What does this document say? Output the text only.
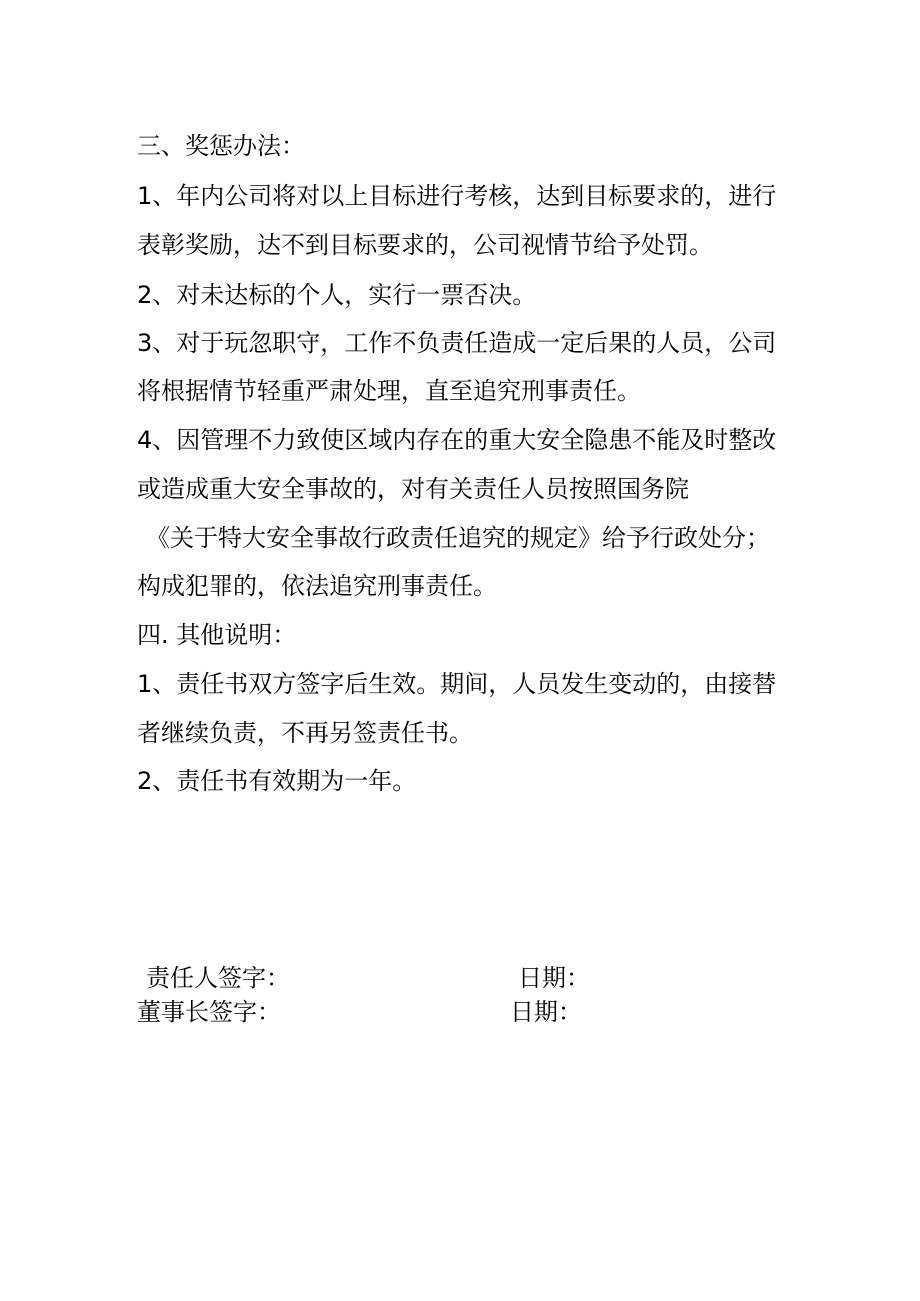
三、奖惩办法：
1、年内公司将对以上目标进行考核，达到目标要求的，进行
表彰奖励，达不到目标要求的，公司视情节给予处罚。
2、对未达标的个人，实行一票否决。
3、对于玩忽职守，工作不负责任造成一定后果的人员，公司
将根据情节轻重严肃处理，直至追究刑事责任。
4、因管理不力致使区域内存在的重大安全隐患不能及时整改
或造成重大安全事故的，对有关责任人员按照国务院
《关于特大安全事故行政责任追究的规定》给予行政处分；
构成犯罪的，依法追究刑事责任。
四. 其他说明：
1、责任书双方签字后生效。期间，人员发生变动的，由接替
者继续负责，不再另签责任书。
2、责任书有效期为一年。
责任人签字：	日期：
董事长签字：	日期：
